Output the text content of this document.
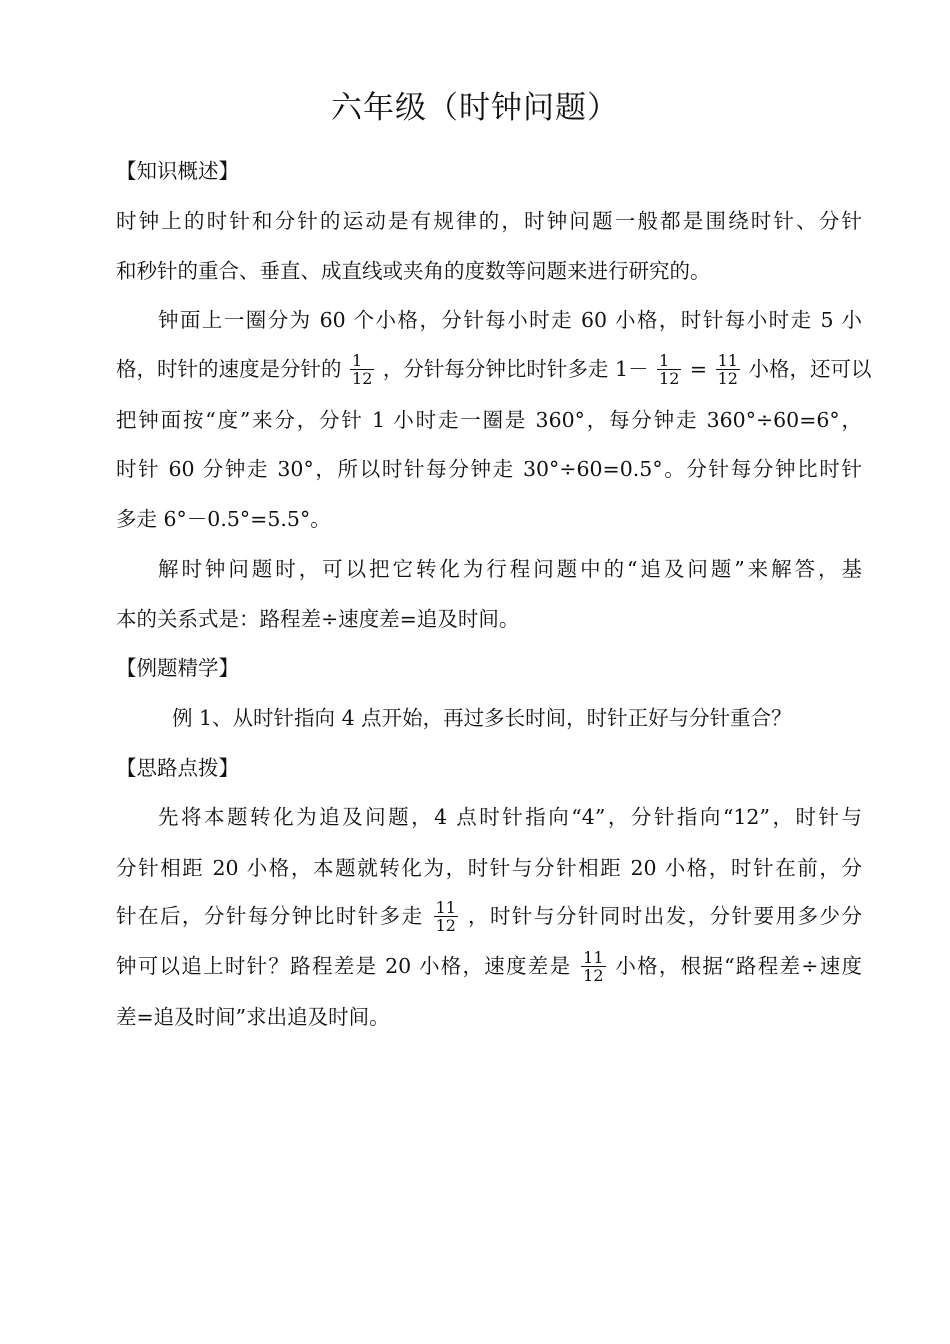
六年级（时钟问题）
【知识概述】
时钟上的时针和分针的运动是有规律的，时钟问题一般都是围绕时针、分针
和秒针的重合、垂直、成直线或夹角的度数等问题来进行研究的。
钟面上一圈分为 60 个小格，分针每小时走 60 小格，时针每小时走 5 小
格，时针的速度是分针的 $\frac{1}{12}$ ，分针每分钟比时针多走 $1- \frac{1}{12} = \frac{11}{12}$ 小格，还可以
把钟面按“度”来分，分针 1 小时走一圈是 360°，每分钟走 360°÷60=6°，
时针 60 分钟走 30°，所以时针每分钟走 30°÷60=0.5°。分针每分钟比时针
多走 6°－0.5°=5.5°。
解时钟问题时，可以把它转化为行程问题中的“追及问题”来解答，基
本的关系式是：路程差÷速度差=追及时间。
【例题精学】
例 1、从时针指向 4 点开始，再过多长时间，时针正好与分针重合？
【思路点拨】
先将本题转化为追及问题，4 点时针指向“4”，分针指向“12”，时针与
分针相距 20 小格，本题就转化为，时针与分针相距 20 小格，时针在前，分
针在后，分针每分钟比时针多走 $\frac{11}{12}$ ，时针与分针同时出发，分针要用多少分
钟可以追上时针？路程差是 20 小格，速度差是 $\frac{11}{12}$ 小格，根据“路程差÷速度
差=追及时间”求出追及时间。
